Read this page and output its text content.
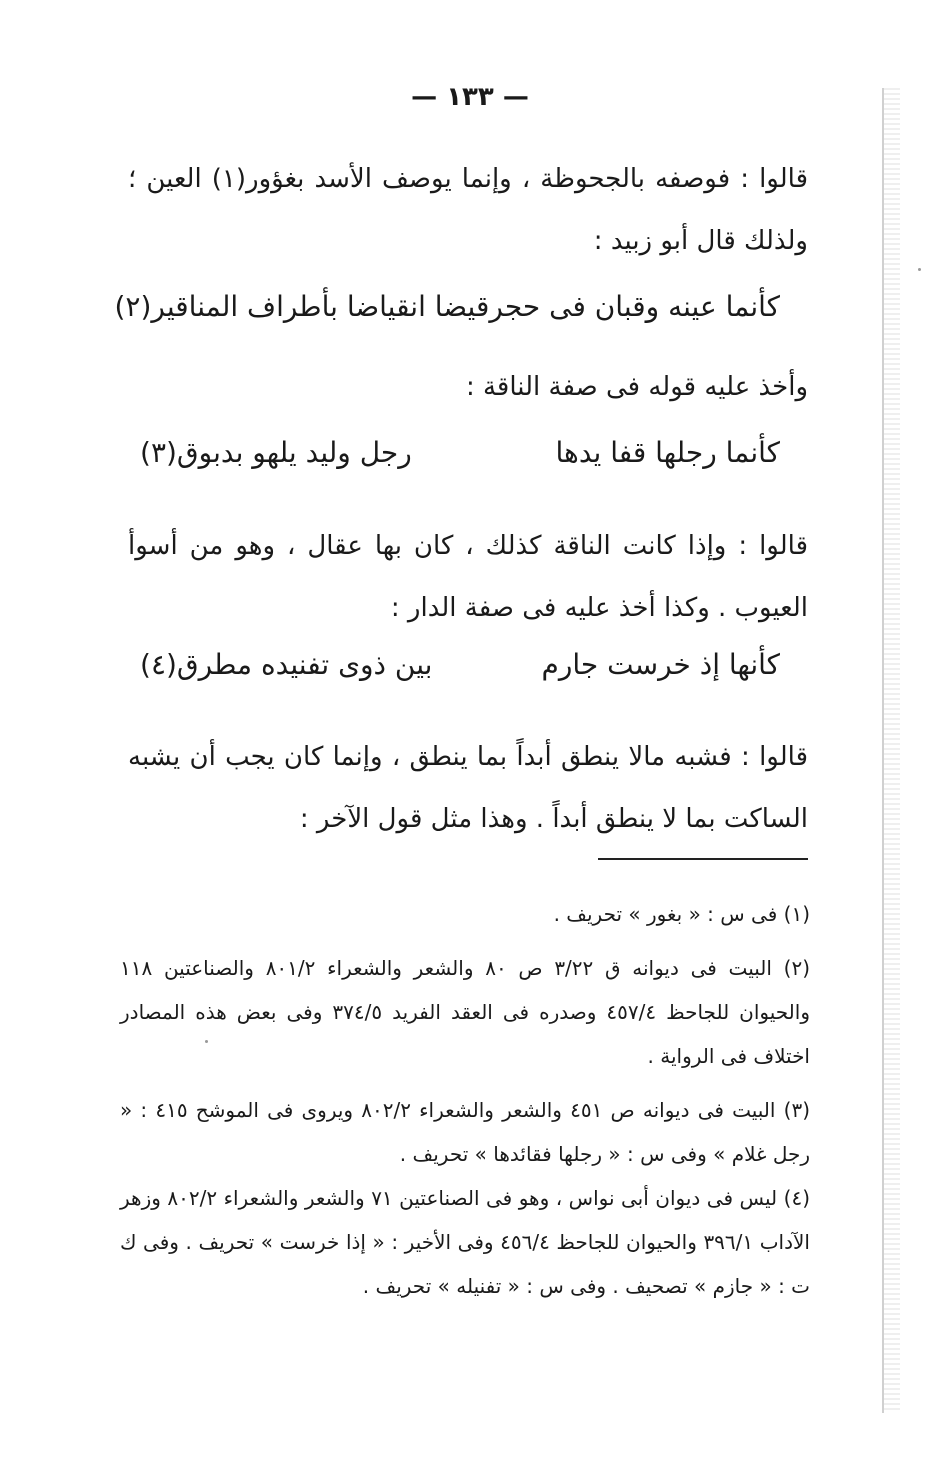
— ١٣٣ —
قالوا : فوصفه بالجحوظة ، وإنما يوصف الأسد بغؤور(١) العين ؛ ولذلك قال أبو زبيد :
كأنما عينه وقبان فى حجر
قيضا انقياضا بأطراف المناقير(٢)
وأخذ عليه قوله فى صفة الناقة :
كأنما رجلها قفا يدها
رجل وليد يلهو بدبوق(٣)
قالوا : وإذا كانت الناقة كذلك ، كان بها عقال ، وهو من أسوأ العيوب . وكذا أخذ عليه فى صفة الدار :
كأنها إذ خرست جارم
بين ذوى تفنيده مطرق(٤)
قالوا : فشبه مالا ينطق أبداً بما ينطق ، وإنما كان يجب أن يشبه الساكت بما لا ينطق أبداً . وهذا مثل قول الآخر :
(١) فى س : « بغور » تحريف .
(٢) البيت فى ديوانه ق ٣/٢٢ ص ٨٠ والشعر والشعراء ٨٠١/٢ والصناعتين ١١٨ والحيوان للجاحظ ٤٥٧/٤ وصدره فى العقد الفريد ٣٧٤/٥ وفى بعض هذه المصادر اختلاف فى الرواية .
(٣) البيت فى ديوانه ص ٤٥١ والشعر والشعراء ٨٠٢/٢ ويروى فى الموشح ٤١٥ : « رجل غلام » وفى س : « رجلها فقائدها » تحريف .
(٤) ليس فى ديوان أبى نواس ، وهو فى الصناعتين ٧١ والشعر والشعراء ٨٠٢/٢ وزهر الآداب ٣٩٦/١ والحيوان للجاحظ ٤٥٦/٤ وفى الأخير : « إذا خرست » تحريف . وفى ك ت : « جازم » تصحيف . وفى س : « تفنيله » تحريف .
